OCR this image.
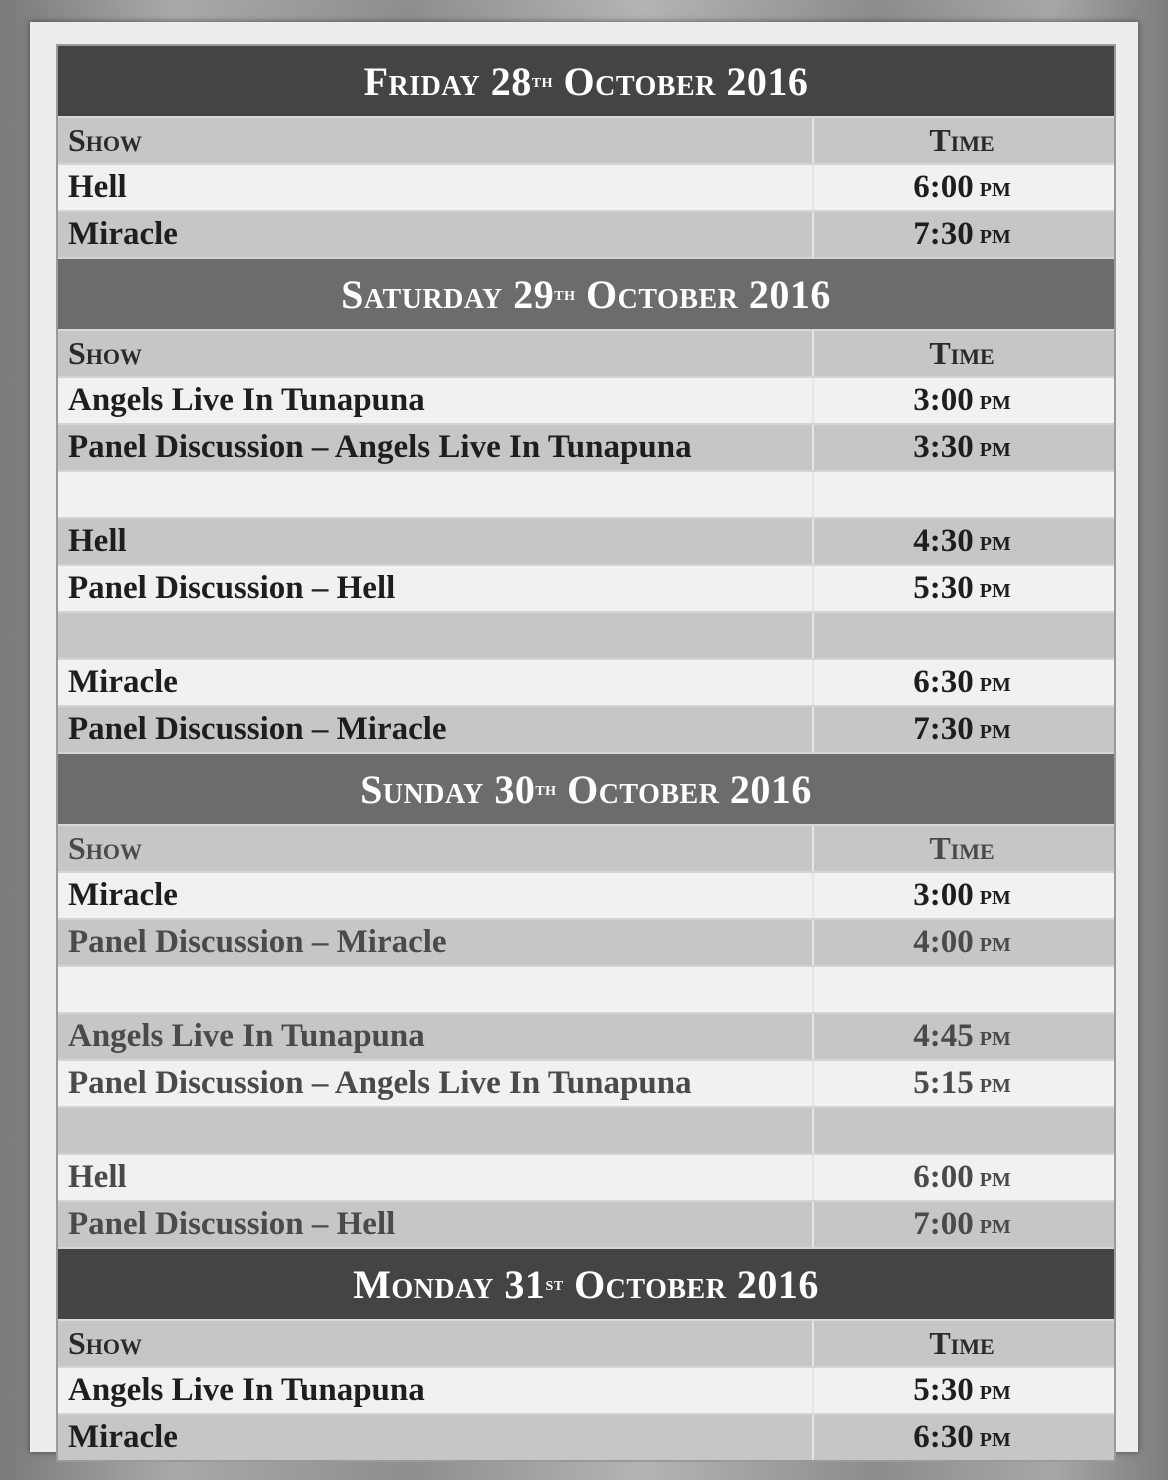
Friday 28 th
October 2016
Show	Time
Hell	6:00 pm
Miracle	7:30 pm
Saturday 29 th
October 2016
Show	Time
Angels Live In Tunapuna	3:00 pm
Panel Discussion – Angels Live In Tunapuna	3:30 pm
Hell	4:30 pm
Panel Discussion – Hell	5:30 pm
Miracle	6:30 pm
Panel Discussion – Miracle	7:30 pm
Sunday 30 th
October 2016
Show	Time
Miracle	3:00 pm
Panel Discussion – Miracle	4:00 pm
Angels Live In Tunapuna	4:45 pm
Panel Discussion – Angels Live In Tunapuna	5:15 pm
Hell	6:00 pm
Panel Discussion – Hell	7:00 pm
Monday 31 st
October 2016
Show	Time
Angels Live In Tunapuna	5:30 pm
Miracle	6:30 pm
